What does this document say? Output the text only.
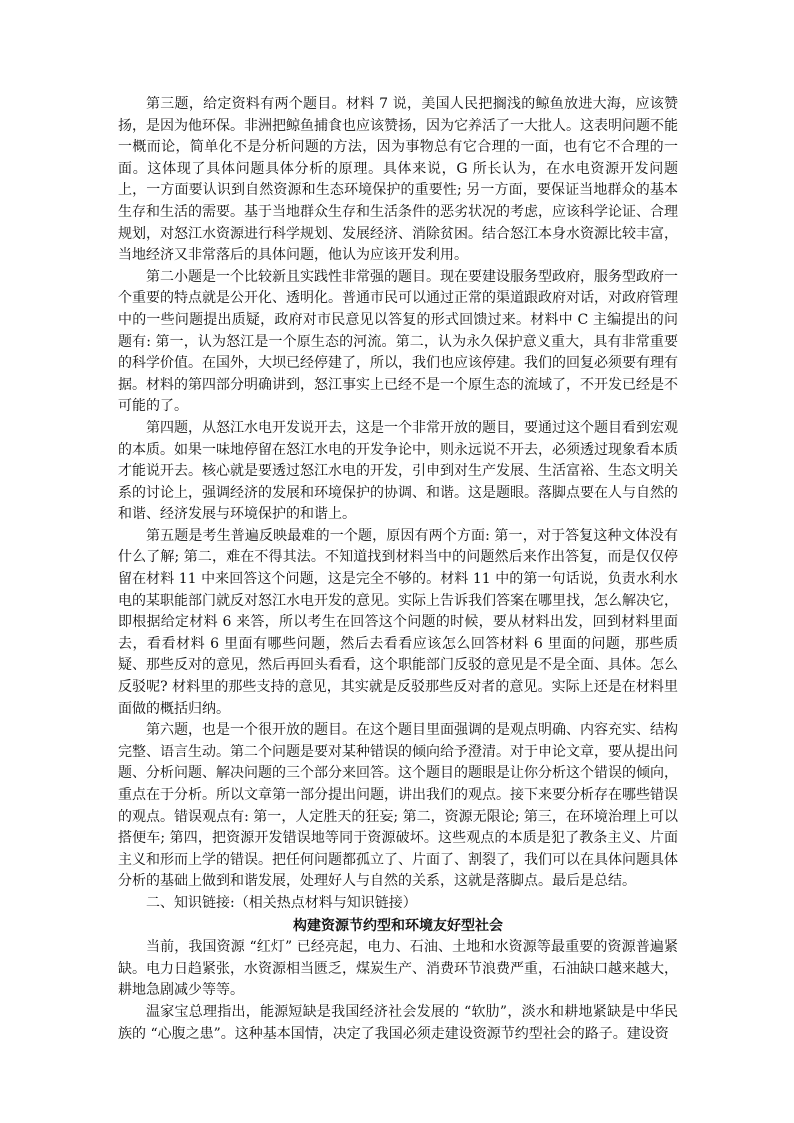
第三题，给定资料有两个题目。材料 7 说，美国人民把搁浅的鲸鱼放进大海，应该赞扬，是因为他环保。非洲把鲸鱼捕食也应该赞扬，因为它养活了一大批人。这表明问题不能一概而论，简单化不是分析问题的方法，因为事物总有它合理的一面，也有它不合理的一面。这体现了具体问题具体分析的原理。具体来说，G 所长认为，在水电资源开发问题上，一方面要认识到自然资源和生态环境保护的重要性; 另一方面，要保证当地群众的基本生存和生活的需要。基于当地群众生存和生活条件的恶劣状况的考虑，应该科学论证、合理规划，对怒江水资源进行科学规划、发展经济、消除贫困。结合怒江本身水资源比较丰富，当地经济又非常落后的具体问题，他认为应该开发利用。

第二小题是一个比较新且实践性非常强的题目。现在要建设服务型政府，服务型政府一个重要的特点就是公开化、透明化。普通市民可以通过正常的渠道跟政府对话，对政府管理中的一些问题提出质疑，政府对市民意见以答复的形式回馈过来。材料中 C 主编提出的问题有: 第一，认为怒江是一个原生态的河流。第二，认为永久保护意义重大，具有非常重要的科学价值。在国外，大坝已经停建了，所以，我们也应该停建。我们的回复必须要有理有据。材料的第四部分明确讲到，怒江事实上已经不是一个原生态的流域了，不开发已经是不可能的了。

第四题，从怒江水电开发说开去，这是一个非常开放的题目，要通过这个题目看到宏观的本质。如果一味地停留在怒江水电的开发争论中，则永远说不开去，必须透过现象看本质才能说开去。核心就是要透过怒江水电的开发，引申到对生产发展、生活富裕、生态文明关系的讨论上，强调经济的发展和环境保护的协调、和谐。这是题眼。落脚点要在人与自然的和谐、经济发展与环境保护的和谐上。

第五题是考生普遍反映最难的一个题，原因有两个方面: 第一，对于答复这种文体没有什么了解; 第二，难在不得其法。不知道找到材料当中的问题然后来作出答复，而是仅仅停留在材料 11 中来回答这个问题，这是完全不够的。材料 11 中的第一句话说，负责水利水电的某职能部门就反对怒江水电开发的意见。实际上告诉我们答案在哪里找，怎么解决它，即根据给定材料 6 来答，所以考生在回答这个问题的时候，要从材料出发，回到材料里面去，看看材料 6 里面有哪些问题，然后去看看应该怎么回答材料 6 里面的问题，那些质疑、那些反对的意见，然后再回头看看，这个职能部门反驳的意见是不是全面、具体。怎么反驳呢? 材料里的那些支持的意见，其实就是反驳那些反对者的意见。实际上还是在材料里面做的概括归纳。

第六题，也是一个很开放的题目。在这个题目里面强调的是观点明确、内容充实、结构完整、语言生动。第二个问题是要对某种错误的倾向给予澄清。对于申论文章，要从提出问题、分析问题、解决问题的三个部分来回答。这个题目的题眼是让你分析这个错误的倾向，重点在于分析。所以文章第一部分提出问题，讲出我们的观点。接下来要分析存在哪些错误的观点。错误观点有: 第一，人定胜天的狂妄; 第二，资源无限论; 第三，在环境治理上可以搭便车; 第四，把资源开发错误地等同于资源破坏。这些观点的本质是犯了教条主义、片面主义和形而上学的错误。把任何问题都孤立了、片面了、割裂了，我们可以在具体问题具体分析的基础上做到和谐发展，处理好人与自然的关系，这就是落脚点。最后是总结。

二、知识链接:（相关热点材料与知识链接）

构建资源节约型和环境友好型社会

当前，我国资源 “红灯” 已经亮起，电力、石油、土地和水资源等最重要的资源普遍紧缺。电力日趋紧张，水资源相当匮乏，煤炭生产、消费环节浪费严重，石油缺口越来越大，耕地急剧减少等等。

温家宝总理指出，能源短缺是我国经济社会发展的 “软肋”，淡水和耕地紧缺是中华民族的 “心腹之患”。这种基本国情，决定了我国必须走建设资源节约型社会的路子。建设资
